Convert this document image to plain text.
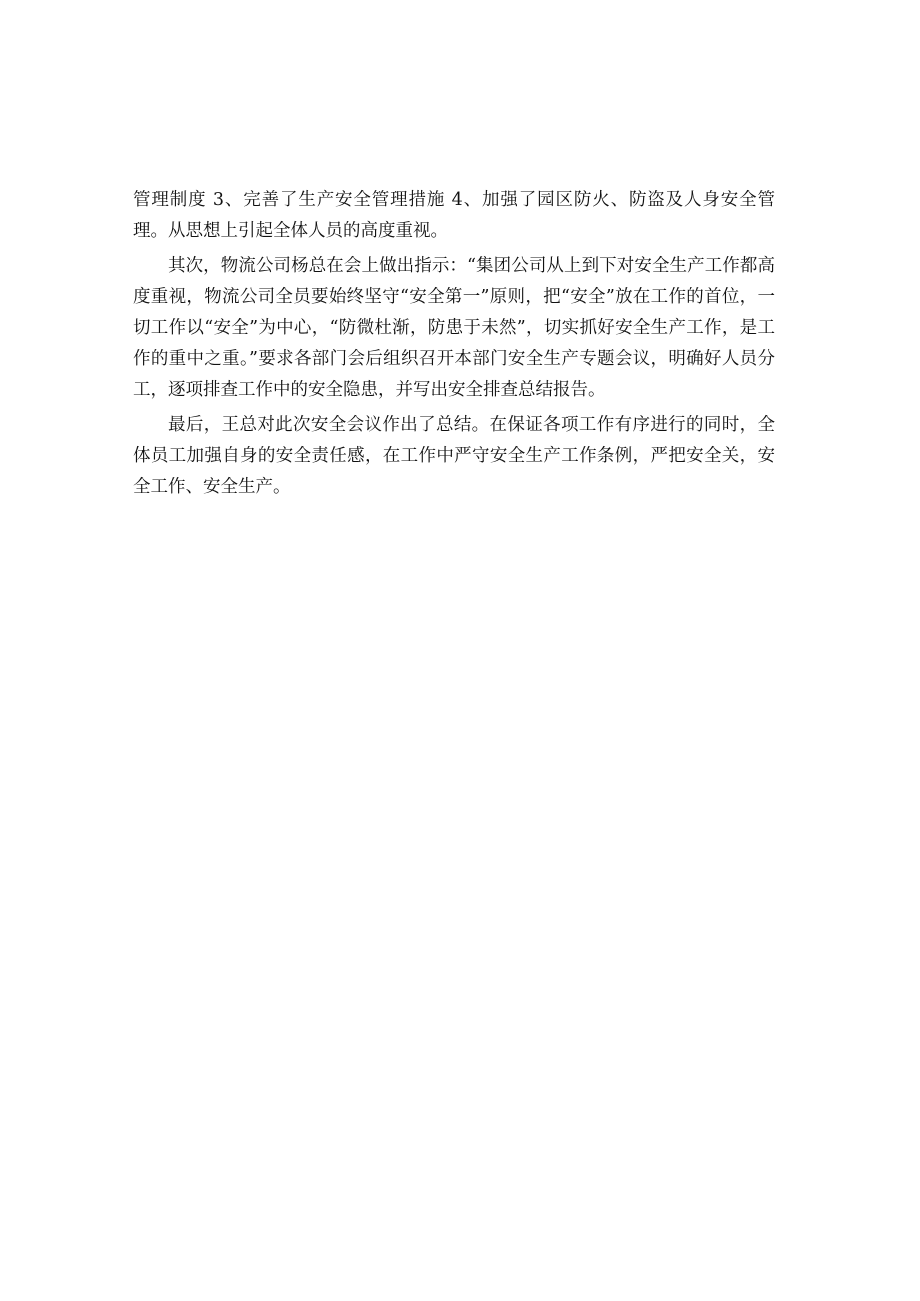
管理制度 3、完善了生产安全管理措施 4、加强了园区防火、防盗及人身安全管理。从思想上引起全体人员的高度重视。

其次，物流公司杨总在会上做出指示：“集团公司从上到下对安全生产工作都高度重视，物流公司全员要始终坚守“安全第一”原则，把“安全”放在工作的首位，一切工作以“安全”为中心，“防微杜渐，防患于未然”，切实抓好安全生产工作，是工作的重中之重。”要求各部门会后组织召开本部门安全生产专题会议，明确好人员分工，逐项排查工作中的安全隐患，并写出安全排查总结报告。

最后，王总对此次安全会议作出了总结。在保证各项工作有序进行的同时，全体员工加强自身的安全责任感，在工作中严守安全生产工作条例，严把安全关，安全工作、安全生产。
